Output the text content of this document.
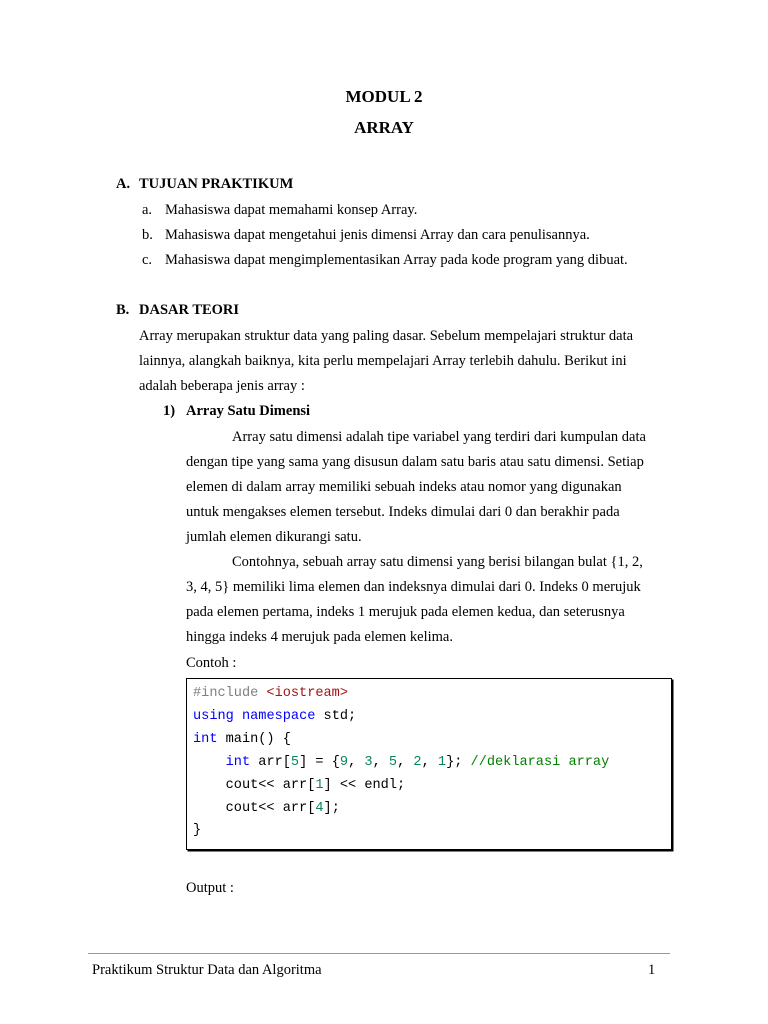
MODUL 2
ARRAY
A. TUJUAN PRAKTIKUM
a. Mahasiswa dapat memahami konsep Array.
b. Mahasiswa dapat mengetahui jenis dimensi Array dan cara penulisannya.
c. Mahasiswa dapat mengimplementasikan Array pada kode program yang dibuat.
B. DASAR TEORI
Array merupakan struktur data yang paling dasar. Sebelum mempelajari struktur data
lainnya, alangkah baiknya, kita perlu mempelajari Array terlebih dahulu. Berikut ini
adalah beberapa jenis array :
1) Array Satu Dimensi
Array satu dimensi adalah tipe variabel yang terdiri dari kumpulan data
dengan tipe yang sama yang disusun dalam satu baris atau satu dimensi. Setiap
elemen di dalam array memiliki sebuah indeks atau nomor yang digunakan
untuk mengakses elemen tersebut. Indeks dimulai dari 0 dan berakhir pada
jumlah elemen dikurangi satu.
Contohnya, sebuah array satu dimensi yang berisi bilangan bulat {1, 2,
3, 4, 5} memiliki lima elemen dan indeksnya dimulai dari 0. Indeks 0 merujuk
pada elemen pertama, indeks 1 merujuk pada elemen kedua, dan seterusnya
hingga indeks 4 merujuk pada elemen kelima.
Contoh :
#include <iostream>
using namespace std;
int main() {
int arr[5] = {9, 3, 5, 2, 1}; //deklarasi array
cout<< arr[1] << endl;
cout<< arr[4];
}
Output :
Praktikum Struktur Data dan Algoritma	1
